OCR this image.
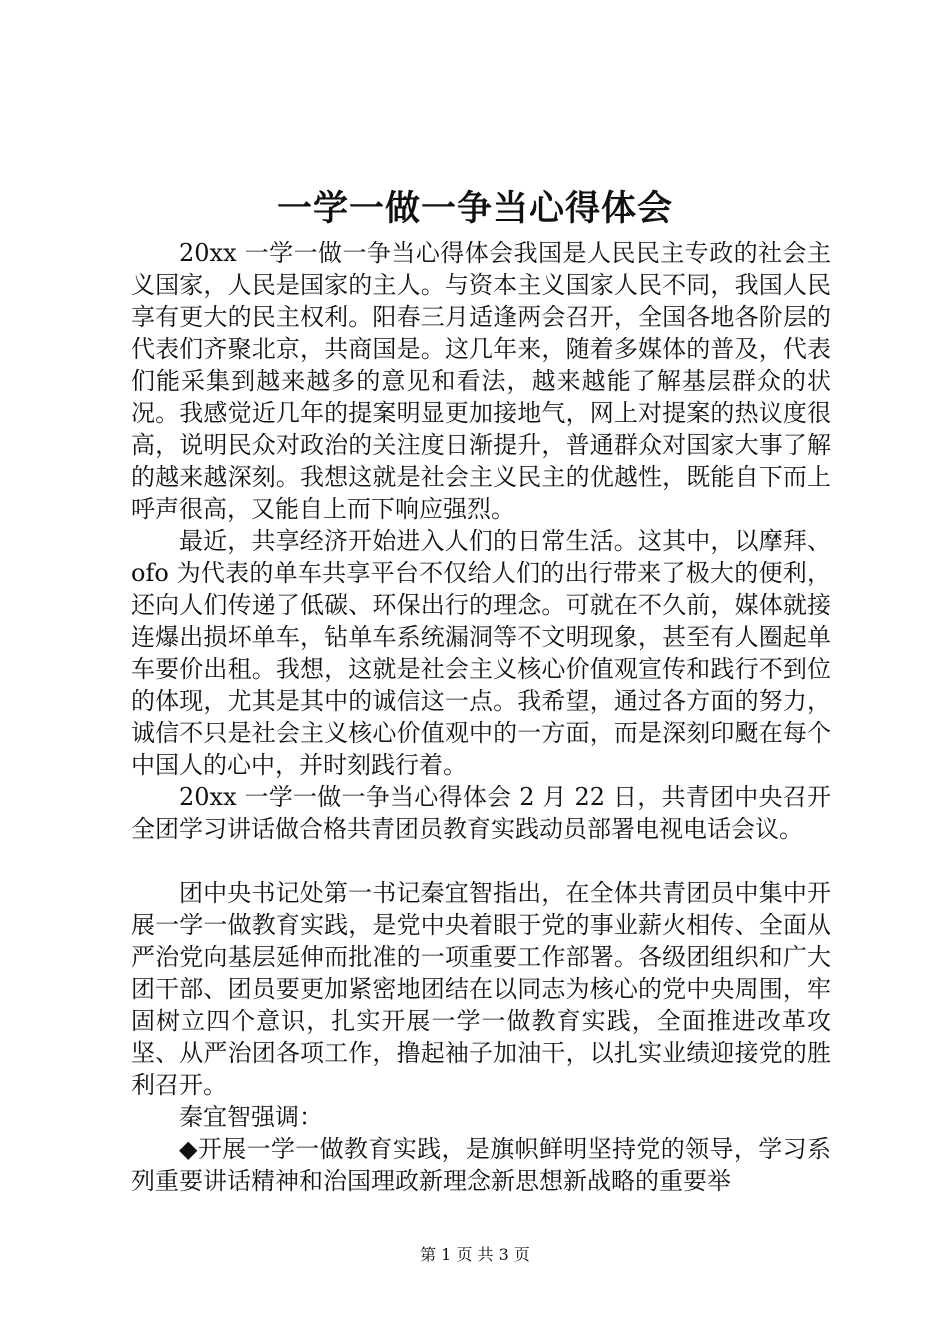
一学一做一争当心得体会

20xx 一学一做一争当心得体会我国是人民民主专政的社会主义国家，人民是国家的主人。与资本主义国家人民不同，我国人民享有更大的民主权利。阳春三月适逢两会召开，全国各地各阶层的代表们齐聚北京，共商国是。这几年来，随着多媒体的普及，代表们能采集到越来越多的意见和看法，越来越能了解基层群众的状况。我感觉近几年的提案明显更加接地气，网上对提案的热议度很高，说明民众对政治的关注度日渐提升，普通群众对国家大事了解的越来越深刻。我想这就是社会主义民主的优越性，既能自下而上呼声很高，又能自上而下响应强烈。

最近，共享经济开始进入人们的日常生活。这其中，以摩拜、ofo 为代表的单车共享平台不仅给人们的出行带来了极大的便利，还向人们传递了低碳、环保出行的理念。可就在不久前，媒体就接连爆出损坏单车，钻单车系统漏洞等不文明现象，甚至有人圈起单车要价出租。我想，这就是社会主义核心价值观宣传和践行不到位的体现，尤其是其中的诚信这一点。我希望，通过各方面的努力，诚信不只是社会主义核心价值观中的一方面，而是深刻印颬在每个中国人的心中，并时刻践行着。

20xx 一学一做一争当心得体会 2 月 22 日，共青团中央召开全团学习讲话做合格共青团员教育实践动员部署电视电话会议。

团中央书记处第一书记秦宜智指出，在全体共青团员中集中开展一学一做教育实践，是党中央着眼于党的事业薪火相传、全面从严治党向基层延伸而批准的一项重要工作部署。各级团组织和广大团干部、团员要更加紧密地团结在以同志为核心的党中央周围，牢固树立四个意识，扎实开展一学一做教育实践，全面推进改革攻坚、从严治团各项工作，撸起袖子加油干，以扎实业绩迎接党的胜利召开。

秦宜智强调：

◆开展一学一做教育实践，是旗帜鲜明坚持党的领导，学习系列重要讲话精神和治国理政新理念新思想新战略的重要举

第 1 页 共 3 页
